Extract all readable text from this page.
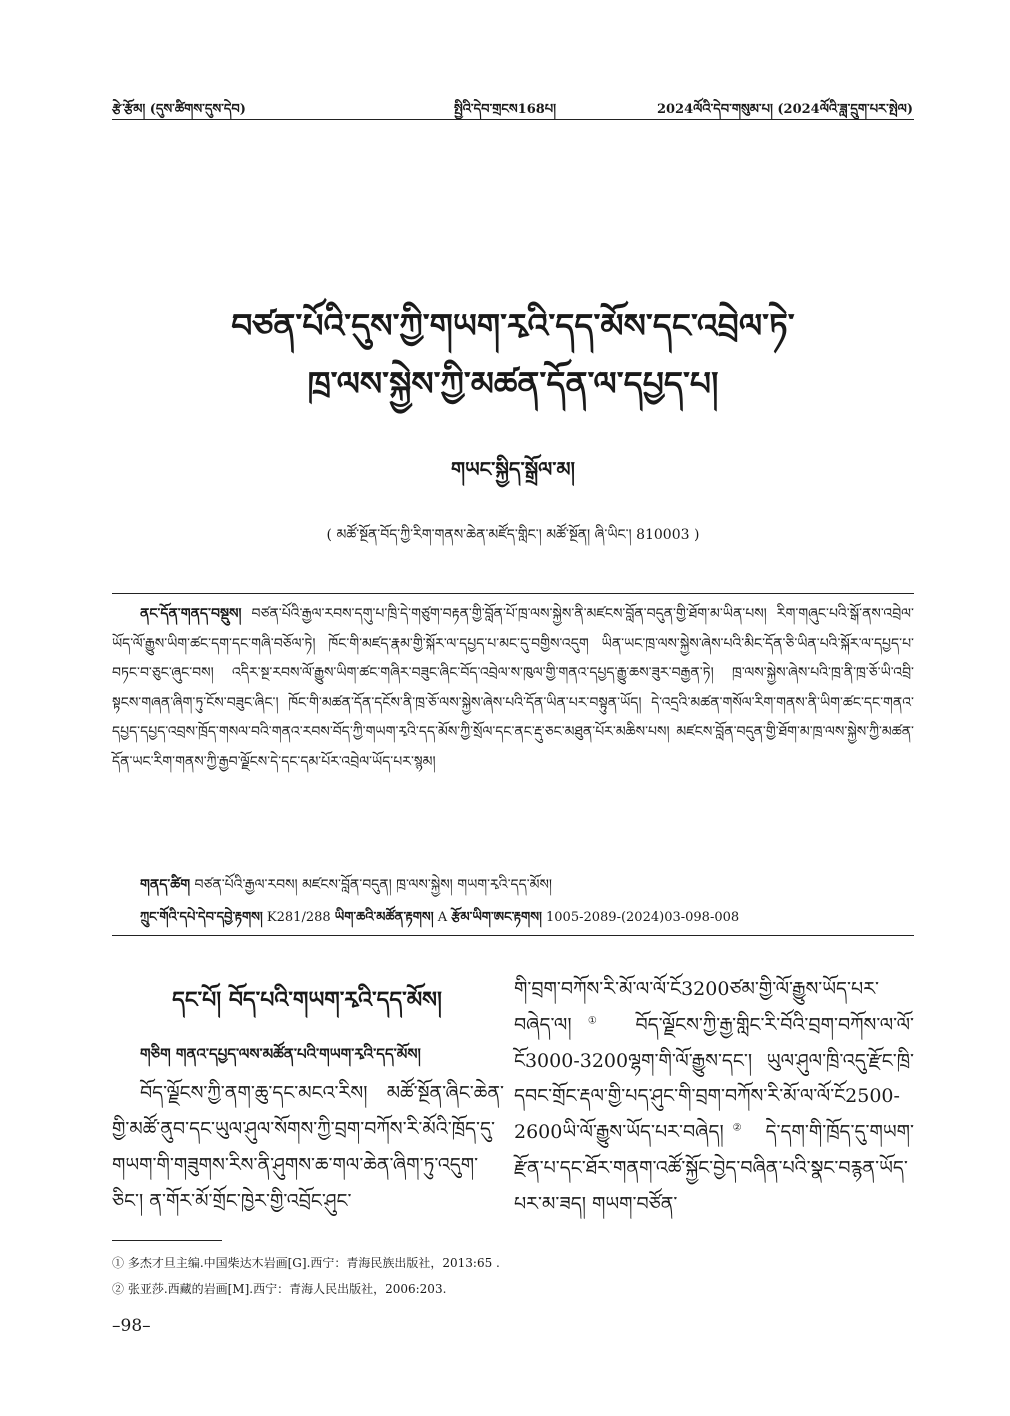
རྩེ་རྩོམ། (དུས་ཚིགས་དུས་དེབ)	སྤྱིའི་དེབ་གྲངས168པ།	2024ལོའི་དེབ་གསུམ་པ། (2024ལོའི་ཟླ་དྲུག་པར་སྤེལ)
བཙན་པོའི་དུས་ཀྱི་གཡག་རྭའི་དད་མོས་དང་འབྲེལ་ཏེ་
ཁྲ་ལས་སྐྱེས་ཀྱི་མཚན་དོན་ལ་དཔྱད་པ།
གཡང་སྐྱིད་སྒྲོལ་མ།
( མཚོ་སྔོན་བོད་ཀྱི་རིག་གནས་ཆེན་མཛོད་གླིང་། མཚོ་སྔོན། ཞི་ཡིང་། 810003 )
ནང་དོན་གནད་བསྡུས། བཙན་པོའི་རྒྱལ་རབས་དགུ་པ་ཁྲི་དེ་གཙུག་བརྟན་གྱི་བློན་པོ་ཁྲ་ལས་སྐྱེས་ནི་མཛངས་བློན་བདུན་གྱི་ཐོག་མ་ཡིན་པས། རིག་གཞུང་པའི་སྒོ་ནས་འབྲེལ་ཡོད་ལོ་རྒྱུས་ཡིག་ཚང་དག་དང་གཞི་བཅོལ་ཏེ། ཁོང་གི་མཛད་རྣམ་གྱི་སྐོར་ལ་དཔྱད་པ་མང་དུ་བགྱིས་འདུག ཡིན་ཡང་ཁྲ་ལས་སྐྱེས་ཞེས་པའི་མིང་དོན་ཅི་ཡིན་པའི་སྐོར་ལ་དཔྱད་པ་བཏང་བ་ཅུང་ཞུང་བས། འདིར་སྔ་རབས་ལོ་རྒྱུས་ཡིག་ཚང་གཞིར་བཟུང་ཞིང་བོད་འབྲེལ་ས་ཁུལ་གྱི་གནའ་དཔྱད་རྒྱུ་ཆས་ཟུར་བརྒྱན་ཏེ། ཁྲ་ལས་སྐྱེས་ཞེས་པའི་ཁྲ་ནི་ཁྲ་ཅོ་ཡི་འབྲི་སྟངས་གཞན་ཞིག་ཏུ་ངོས་བཟུང་ཞིང་། ཁོང་གི་མཚན་དོན་དངོས་ནི་ཁྲ་ཅོ་ལས་སྐྱེས་ཞེས་པའི་དོན་ཡིན་པར་བསྟུན་ཡོད། དེ་འདྲའི་མཚན་གསོལ་རིག་གནས་ནི་ཡིག་ཚང་དང་གནའ་དཔྱད་དཔྱད་འབྲས་ཁྲོད་གསལ་བའི་གནའ་རབས་བོད་ཀྱི་གཡག་རྭའི་དད་མོས་ཀྱི་སྲོལ་དང་ནང་རྡུ་ཅང་མཐུན་པོར་མཆིས་པས། མཛངས་བློན་བདུན་གྱི་ཐོག་མ་ཁྲ་ལས་སྐྱེས་ཀྱི་མཚན་དོན་ཡང་རིག་གནས་ཀྱི་རྒྱབ་ལྗོངས་དེ་དང་དམ་པོར་འབྲེལ་ཡོད་པར་སྙམ།
གནད་ཚིག བཙན་པོའི་རྒྱལ་རབས། མཛངས་བློན་བདུན། ཁྲ་ལས་སྐྱེས། གཡག་རྭའི་དད་མོས།
ཀྲུང་གོའི་དཔེ་དེབ་དབྱེ་རྟགས། K281/288 ཡིག་ཆའི་མཚོན་རྟགས། A རྩོམ་ཡིག་ཨང་རྟགས། 1005-2089-(2024)03-098-008
དང་པོ། བོད་པའི་གཡག་རྭའི་དད་མོས།
གཅིག གནའ་དཔྱད་ལས་མཚོན་པའི་གཡག་རྭའི་དད་མོས།
བོད་ལྗོངས་ཀྱི་ནག་ཆུ་དང་མངའ་རིས། མཚོ་སྔོན་ཞིང་ཆེན་གྱི་མཚོ་ནུབ་དང་ཡུལ་ཤུལ་སོགས་ཀྱི་བྲག་བཀོས་རི་མོའི་ཁྲོད་དུ་གཡག་གི་གཟུགས་རིས་ནི་ཤུགས་ཆ་གལ་ཆེན་ཞིག་ཏུ་འདུག་ཅིང་། ན་གོར་མོ་གྲོང་ཁྱེར་གྱི་འབྲོང་ཤུང་
གི་བྲག་བཀོས་རི་མོ་ལ་ལོ་ངོ3200ཙམ་གྱི་ལོ་རྒྱུས་ཡོད་པར་བཞེད་ལ།① བོད་ལྗོངས་ཀྱི་རྒྱ་གླིང་རི་བོའི་བྲག་བཀོས་ལ་ལོ་ངོ3000-3200ལྷག་གི་ལོ་རྒྱུས་དང་། ཡུལ་ཤུལ་ཁྲི་འདུ་རྫོང་ཁྲི་དབང་གྲོང་རྡལ་གྱི་པད་ཤུང་གི་བྲག་བཀོས་རི་མོ་ལ་ལོ་ངོ2500-2600ཡི་ལོ་རྒྱུས་ཡོད་པར་བཞེད།② དེ་དག་གི་ཁྲོད་དུ་གཡག་རྫོན་པ་དང་ཐོར་གནག་འཚོ་སྐྱོང་བྱེད་བཞིན་པའི་སྣང་བརྙན་ཡོད་པར་མ་ཟད། གཡག་བཙོན་
① 多杰才旦主编.中国柴达木岩画[G].西宁：青海民族出版社，2013:65 .
② 张亚莎.西藏的岩画[M].西宁：青海人民出版社，2006:203.
–98–
